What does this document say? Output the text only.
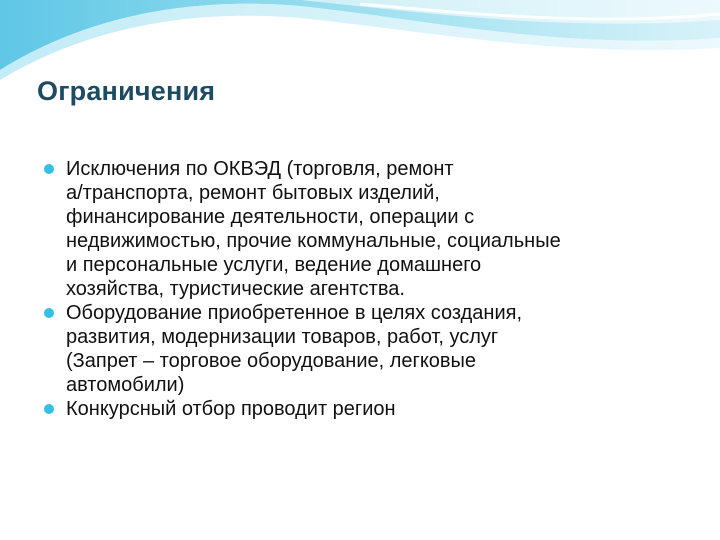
Ограничения
Исключения по ОКВЭД (торговля, ремонт
а/транспорта, ремонт бытовых изделий,
финансирование деятельности, операции с
недвижимостью, прочие коммунальные, социальные
и персональные услуги, ведение домашнего
хозяйства, туристические агентства.
Оборудование приобретенное в целях создания,
развития, модернизации товаров, работ, услуг
(Запрет – торговое оборудование, легковые
автомобили)
Конкурсный отбор проводит регион
